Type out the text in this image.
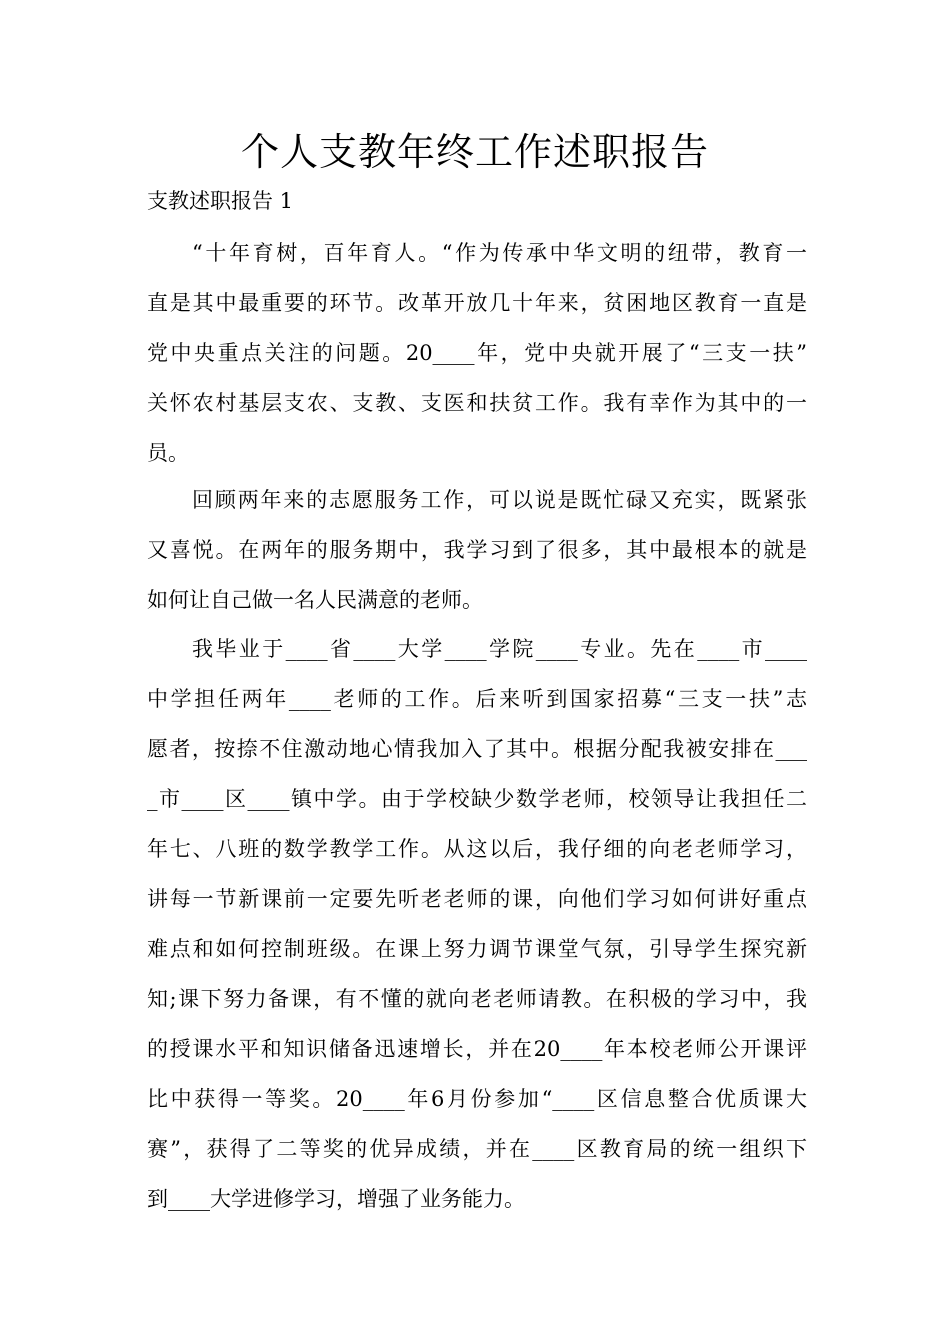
个人支教年终工作述职报告

支教述职报告 1

“十年育树，百年育人。“作为传承中华文明的纽带，教育一
直是其中最重要的环节。改革开放几十年来，贫困地区教育一直是
党中央重点关注的问题。20____年，党中央就开展了“三支一扶”
关怀农村基层支农、支教、支医和扶贫工作。我有幸作为其中的一
员。
回顾两年来的志愿服务工作，可以说是既忙碌又充实，既紧张
又喜悦。在两年的服务期中，我学习到了很多，其中最根本的就是
如何让自己做一名人民满意的老师。
我毕业于____省____大学____学院____专业。先在____市____
中学担任两年____老师的工作。后来听到国家招募“三支一扶”志
愿者，按捺不住激动地心情我加入了其中。根据分配我被安排在___
_市____区____镇中学。由于学校缺少数学老师，校领导让我担任二
年七、八班的数学教学工作。从这以后，我仔细的向老老师学习，
讲每一节新课前一定要先听老老师的课，向他们学习如何讲好重点
难点和如何控制班级。在课上努力调节课堂气氛，引导学生探究新
知;课下努力备课，有不懂的就向老老师请教。在积极的学习中，我
的授课水平和知识储备迅速增长，并在20____年本校老师公开课评
比中获得一等奖。20____年6月份参加“____区信息整合优质课大
赛”，获得了二等奖的优异成绩，并在____区教育局的统一组织下
到____大学进修学习，增强了业务能力。
